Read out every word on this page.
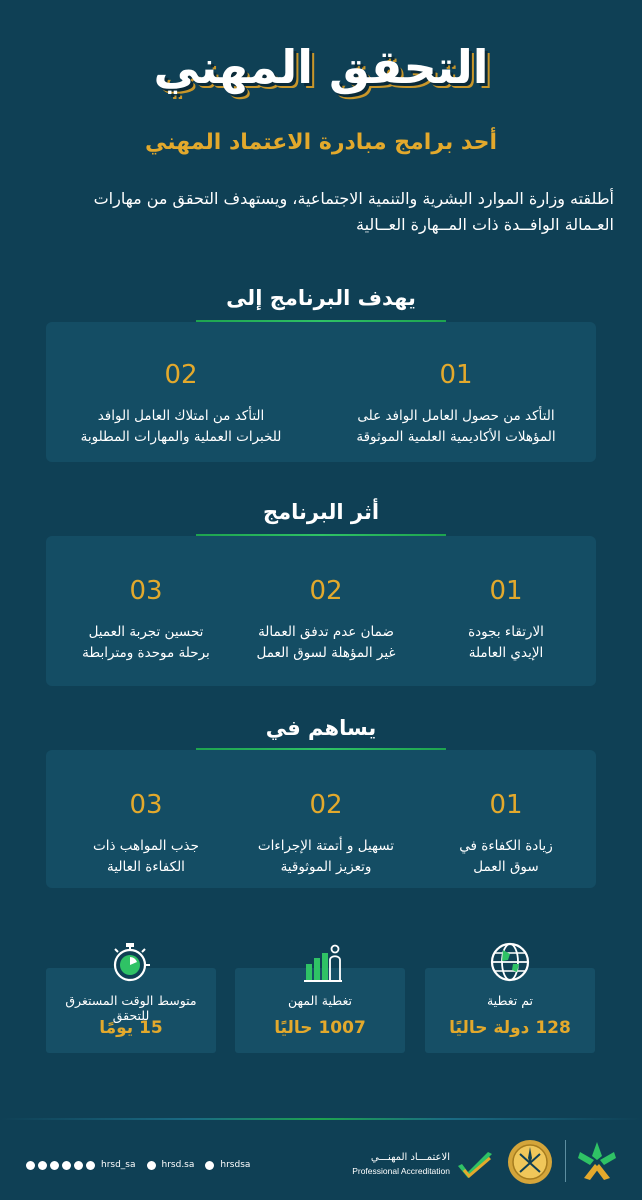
التحقق المهني
أحد برامج مبادرة الاعتماد المهني
أطلقته وزارة الموارد البشرية والتنمية الاجتماعية، ويستهدف التحقق من مهارات
العـمالة الوافــدة ذات المــهارة العــالية
يهدف البرنامج إلى
01
التأكد من حصول العامل الوافد على
المؤهلات الأكاديمية العلمية الموثوقة
02
التأكد من امتلاك العامل الوافد
للخبرات العملية والمهارات المطلوبة
أثر البرنامج
01
الارتقاء بجودة
الإيدي العاملة
02
ضمان عدم تدفق العمالة
غير المؤهلة لسوق العمل
03
تحسين تجربة العميل
برحلة موحدة ومترابطة
يساهم في
01
زيادة الكفاءة في
سوق العمل
02
تسهيل و أتمتة الإجراءات
وتعزيز الموثوقية
03
جذب المواهب ذات
الكفاءة العالية
تم تغطية
128 دولة حاليًا
تغطية المهن
1007 حاليًا
متوسط الوقت المستغرق للتحقق
15 يومًا
hrsd_sa	hrsd.sa	hrsdsa
الاعتمـــاد المهنـــي
Professional Accreditation
